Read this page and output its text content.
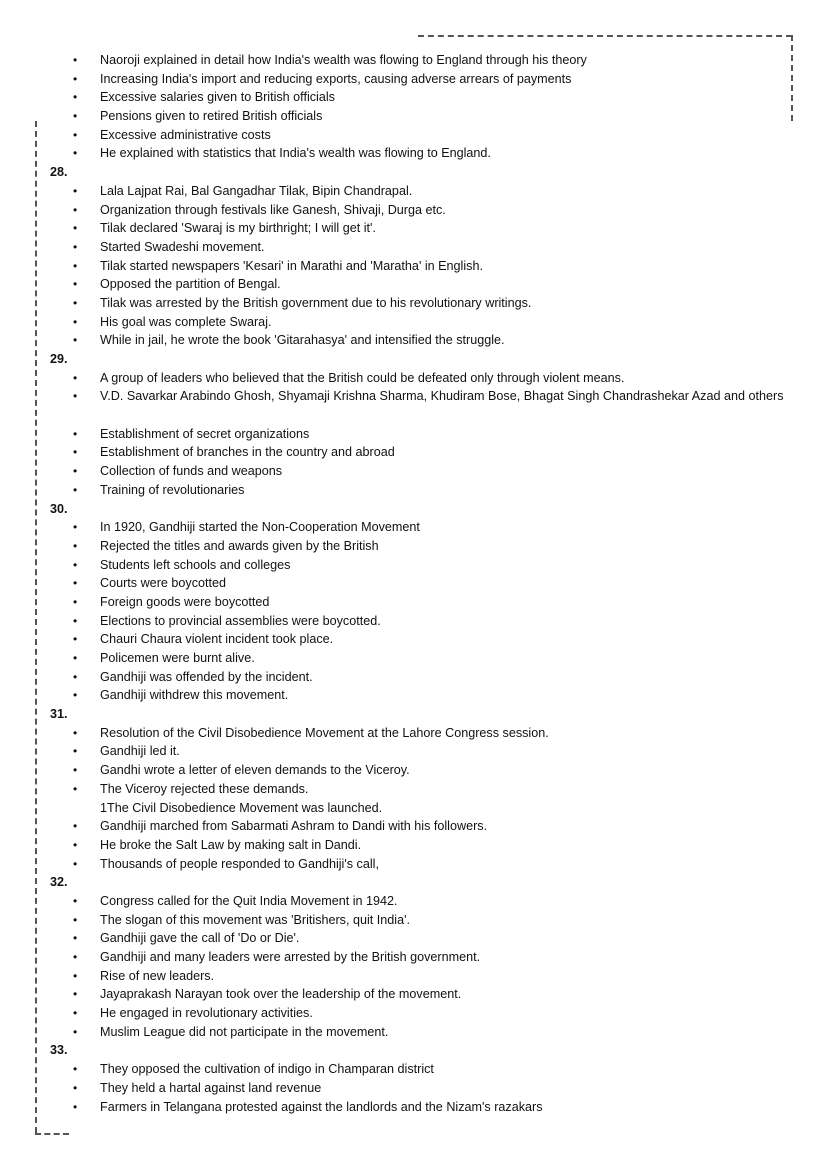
• Naoroji explained in detail how India's wealth was flowing to England through his theory
• Increasing India's import and reducing exports, causing adverse arrears of payments
• Excessive salaries given to British officials
• Pensions given to retired British officials
• Excessive administrative costs
• He explained with statistics that India's wealth was flowing to England.
28.
• Lala Lajpat Rai, Bal Gangadhar Tilak, Bipin Chandrapal.
• Organization through festivals like Ganesh, Shivaji, Durga etc.
• Tilak declared 'Swaraj is my birthright; I will get it'.
• Started Swadeshi movement.
• Tilak started newspapers 'Kesari' in Marathi and 'Maratha' in English.
• Opposed the partition of Bengal.
• Tilak was arrested by the British government due to his revolutionary writings.
• His goal was complete Swaraj.
• While in jail, he wrote the book 'Gitarahasya' and intensified the struggle.
29.
• A group of leaders who believed that the British could be defeated only through violent means.
• V.D. Savarkar Arabindo Ghosh, Shyamaji Krishna Sharma, Khudiram Bose, Bhagat Singh Chandrashekar Azad and others
• Establishment of secret organizations
• Establishment of branches in the country and abroad
• Collection of funds and weapons
• Training of revolutionaries
30.
• In 1920, Gandhiji started the Non-Cooperation Movement
• Rejected the titles and awards given by the British
• Students left schools and colleges
• Courts were boycotted
• Foreign goods were boycotted
• Elections to provincial assemblies were boycotted.
• Chauri Chaura violent incident took place.
• Policemen were burnt alive.
• Gandhiji was offended by the incident.
• Gandhiji withdrew this movement.
31.
• Resolution of the Civil Disobedience Movement at the Lahore Congress session.
• Gandhiji led it.
• Gandhi wrote a letter of eleven demands to the Viceroy.
• The Viceroy rejected these demands.
1The Civil Disobedience Movement was launched.
• Gandhiji marched from Sabarmati Ashram to Dandi with his followers.
• He broke the Salt Law by making salt in Dandi.
• Thousands of people responded to Gandhiji's call,
32.
• Congress called for the Quit India Movement in 1942.
• The slogan of this movement was 'Britishers, quit India'.
• Gandhiji gave the call of 'Do or Die'.
• Gandhiji and many leaders were arrested by the British government.
• Rise of new leaders.
• Jayaprakash Narayan took over the leadership of the movement.
• He engaged in revolutionary activities.
• Muslim League did not participate in the movement.
33.
• They opposed the cultivation of indigo in Champaran district
• They held a hartal against land revenue
• Farmers in Telangana protested against the landlords and the Nizam's razakars
